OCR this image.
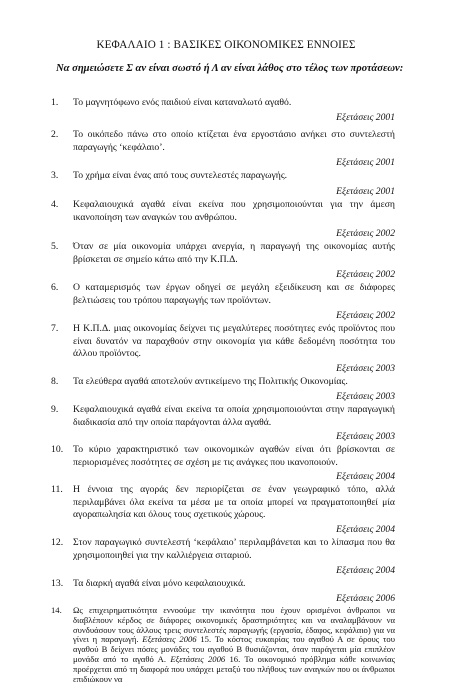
ΚΕΦΑΛΑΙΟ 1 : ΒΑΣΙΚΕΣ ΟΙΚΟΝΟΜΙΚΕΣ ΕΝΝΟΙΕΣ
Να σημειώσετε Σ αν είναι σωστό ή Λ αν είναι λάθος στο τέλος των προτάσεων:
1.	Το μαγνητόφωνο ενός παιδιού είναι καταναλωτό αγαθό.
Εξετάσεις 2001
2.	Το οικόπεδο πάνω στο οποίο κτίζεται ένα εργοστάσιο ανήκει στο συντελεστή παραγωγής ‘κεφάλαιο’.
Εξετάσεις 2001
3.	Το χρήμα είναι ένας από τους συντελεστές παραγωγής.
Εξετάσεις 2001
4.	Κεφαλαιουχικά αγαθά είναι εκείνα που χρησιμοποιούνται για την άμεση ικανοποίηση των αναγκών του ανθρώπου.
Εξετάσεις 2002
5.	Όταν σε μία οικονομία υπάρχει ανεργία, η παραγωγή της οικονομίας αυτής βρίσκεται σε σημείο κάτω από την Κ.Π.Δ.
Εξετάσεις 2002
6.	Ο καταμερισμός των έργων οδηγεί σε μεγάλη εξειδίκευση και σε διάφορες βελτιώσεις του τρόπου παραγωγής των προϊόντων.
Εξετάσεις 2002
7.	Η Κ.Π.Δ. μιας οικονομίας δείχνει τις μεγαλύτερες ποσότητες ενός προϊόντος που είναι δυνατόν να παραχθούν στην οικονομία για κάθε δεδομένη ποσότητα του άλλου προϊόντος.
Εξετάσεις 2003
8.	Τα ελεύθερα αγαθά αποτελούν αντικείμενο της Πολιτικής Οικονομίας.
Εξετάσεις 2003
9.	Κεφαλαιουχικά αγαθά είναι εκείνα τα οποία χρησιμοποιούνται στην παραγωγική διαδικασία από την οποία παράγονται άλλα αγαθά.
Εξετάσεις 2003
10.	Το κύριο χαρακτηριστικό των οικονομικών αγαθών είναι ότι βρίσκονται σε περιορισμένες ποσότητες σε σχέση με τις ανάγκες που ικανοποιούν.
Εξετάσεις 2004
11.	Η έννοια της αγοράς δεν περιορίζεται σε έναν γεωγραφικό τόπο, αλλά περιλαμβάνει όλα εκείνα τα μέσα με τα οποία μπορεί να πραγματοποιηθεί μία αγοραπωλησία και όλους τους σχετικούς χώρους.
Εξετάσεις 2004
12.	Στον παραγωγικό συντελεστή ‘κεφάλαιο’ περιλαμβάνεται και το λίπασμα που θα χρησιμοποιηθεί για την καλλιέργεια σιταριού.
Εξετάσεις 2004
13.	Τα διαρκή αγαθά είναι μόνο κεφαλαιουχικά.
Εξετάσεις 2006
14.	Ως επιχειρηματικότητα εννοούμε την ικανότητα που έχουν ορισμένοι άνθρωποι να διαβλέπουν κέρδος σε διάφορες οικονομικές δραστηριότητες και να αναλαμβάνουν να συνδυάσουν τους άλλους τρεις συντελεστές παραγωγής (εργασία, έδαφος, κεφάλαιο) για να γίνει η παραγωγή. Εξετάσεις 2006 15. Το κόστος ευκαιρίας του αγαθού Α σε όρους του αγαθού Β δείχνει πόσες μονάδες του αγαθού Β θυσιάζονται, όταν παράγεται μία επιπλέον μονάδα από το αγαθό Α. Εξετάσεις 2006 16. Το οικονομικό πρόβλημα κάθε κοινωνίας προέρχεται από τη διαφορά που υπάρχει μεταξύ του πλήθους των αναγκών που οι άνθρωποι επιδιώκουν να
